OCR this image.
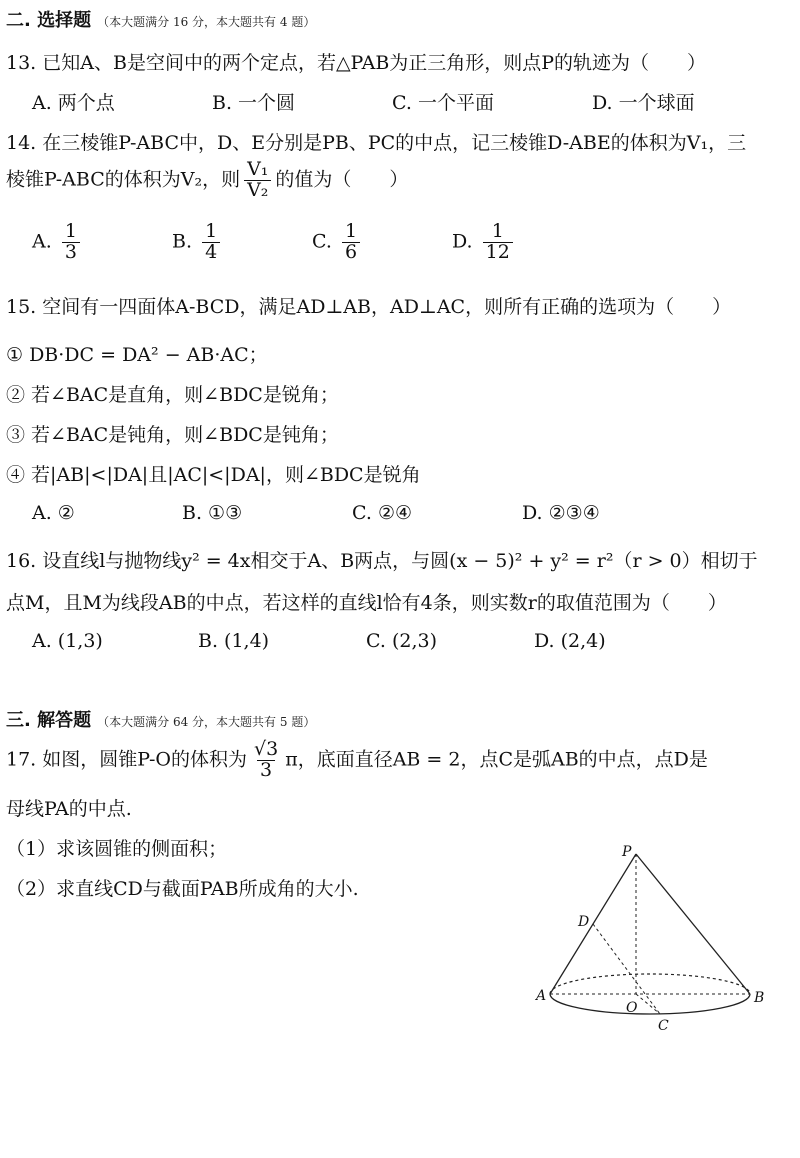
二. 选择题 （本大题满分 16 分，本大题共有 4 题）
13. 已知A、B是空间中的两个定点，若△PAB为正三角形，则点P的轨迹为（　　）
A. 两个点	B. 一个圆	C. 一个平面	D. 一个球面
14. 在三棱锥P-ABC中，D、E分别是PB、PC的中点，记三棱锥D-ABE的体积为V₁，三
棱锥P-ABC的体积为V₂，则 $\frac{\text{V₁}}{\text{V₂}}$ 的值为（　　）
A. $\frac{1}{3}$	B. $\frac{1}{4}$	C. $\frac{1}{6}$	D. $\frac{1}{12}$
15. 空间有一四面体A-BCD，满足AD⊥AB，AD⊥AC，则所有正确的选项为（　　）
① DB·DC = DA² − AB·AC；
② 若∠BAC是直角，则∠BDC是锐角；
③ 若∠BAC是钝角，则∠BDC是钝角；
④ 若|AB|<|DA|且|AC|<|DA|，则∠BDC是锐角
A. ②	B. ①③	C. ②④	D. ②③④
16. 设直线l与抛物线y² = 4x相交于A、B两点，与圆(x − 5)² + y² = r²（r > 0）相切于
点M，且M为线段AB的中点，若这样的直线l恰有4条，则实数r的取值范围为（　　）
A. (1,3)	B. (1,4)	C. (2,3)	D. (2,4)
三. 解答题 （本大题满分 64 分，本大题共有 5 题）
17. 如图，圆锥P-O的体积为 $\frac{√3}{3}$ π，底面直径AB = 2，点C是弧AB的中点，点D是
母线PA的中点.
（1）求该圆锥的侧面积；
（2）求直线CD与截面PAB所成角的大小.
P
D
A
O
B
C
